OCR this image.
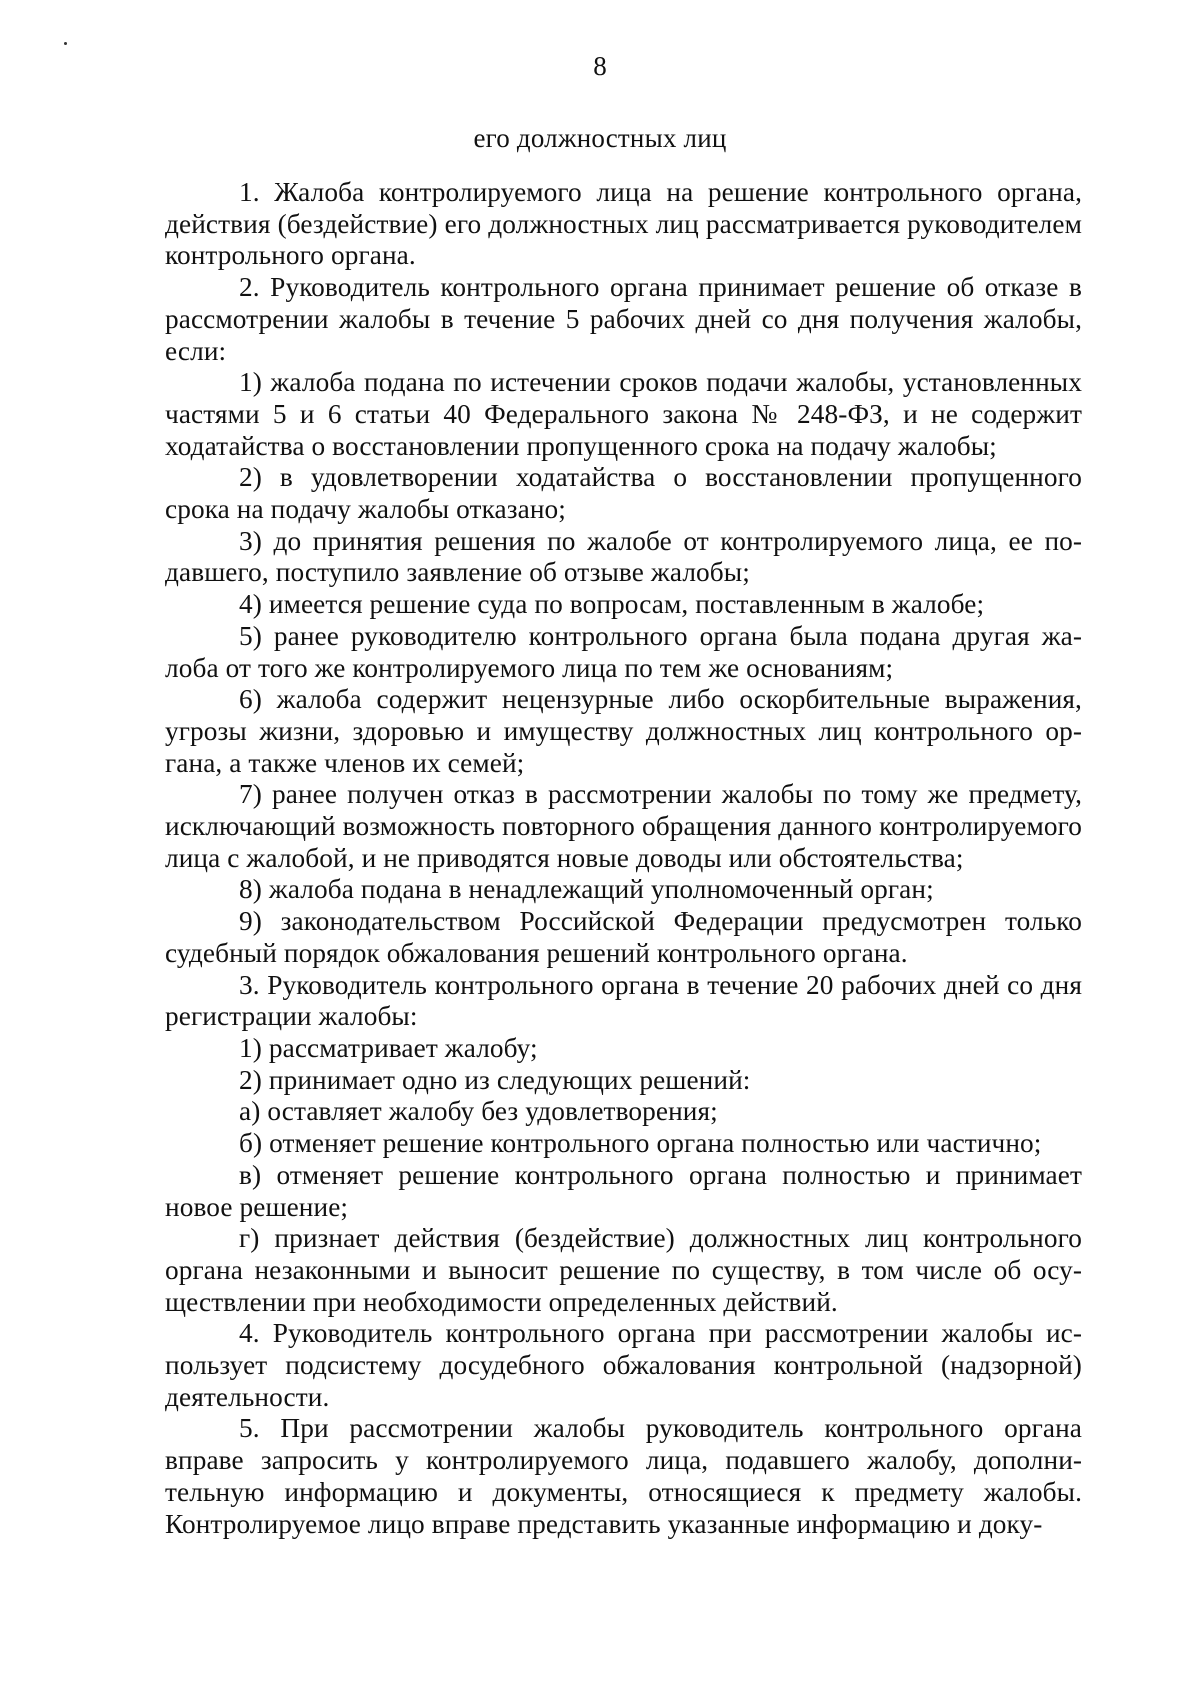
8
его должностных лиц

1. Жалоба контролируемого лица на решение контрольного органа, действия (бездействие) его должностных лиц рассматривается руководителем контрольного органа.

2. Руководитель контрольного органа принимает решение об отказе в рассмотрении жалобы в течение 5 рабочих дней со дня получения жалобы, если:

1) жалоба подана по истечении сроков подачи жалобы, установленных частями 5 и 6 статьи 40 Федерального закона № 248-ФЗ, и не содержит ходатайства о восстановлении пропущенного срока на подачу жалобы;

2) в удовлетворении ходатайства о восстановлении пропущенного срока на подачу жалобы отказано;

3) до принятия решения по жалобе от контролируемого лица, ее подавшего, поступило заявление об отзыве жалобы;

4) имеется решение суда по вопросам, поставленным в жалобе;

5) ранее руководителю контрольного органа была подана другая жалоба от того же контролируемого лица по тем же основаниям;

6) жалоба содержит нецензурные либо оскорбительные выражения, угрозы жизни, здоровью и имуществу должностных лиц контрольного органа, а также членов их семей;

7) ранее получен отказ в рассмотрении жалобы по тому же предмету, исключающий возможность повторного обращения данного контролируемого лица с жалобой, и не приводятся новые доводы или обстоятельства;

8) жалоба подана в ненадлежащий уполномоченный орган;

9) законодательством Российской Федерации предусмотрен только судебный порядок обжалования решений контрольного органа.

3. Руководитель контрольного органа в течение 20 рабочих дней со дня регистрации жалобы:

1) рассматривает жалобу;

2) принимает одно из следующих решений:

а) оставляет жалобу без удовлетворения;

б) отменяет решение контрольного органа полностью или частично;

в) отменяет решение контрольного органа полностью и принимает новое решение;

г) признает действия (бездействие) должностных лиц контрольного органа незаконными и выносит решение по существу, в том числе об осуществлении при необходимости определенных действий.

4. Руководитель контрольного органа при рассмотрении жалобы использует подсистему досудебного обжалования контрольной (надзорной) деятельности.

5. При рассмотрении жалобы руководитель контрольного органа вправе запросить у контролируемого лица, подавшего жалобу, дополнительную информацию и документы, относящиеся к предмету жалобы. Контролируемое лицо вправе представить указанные информацию и доку-
